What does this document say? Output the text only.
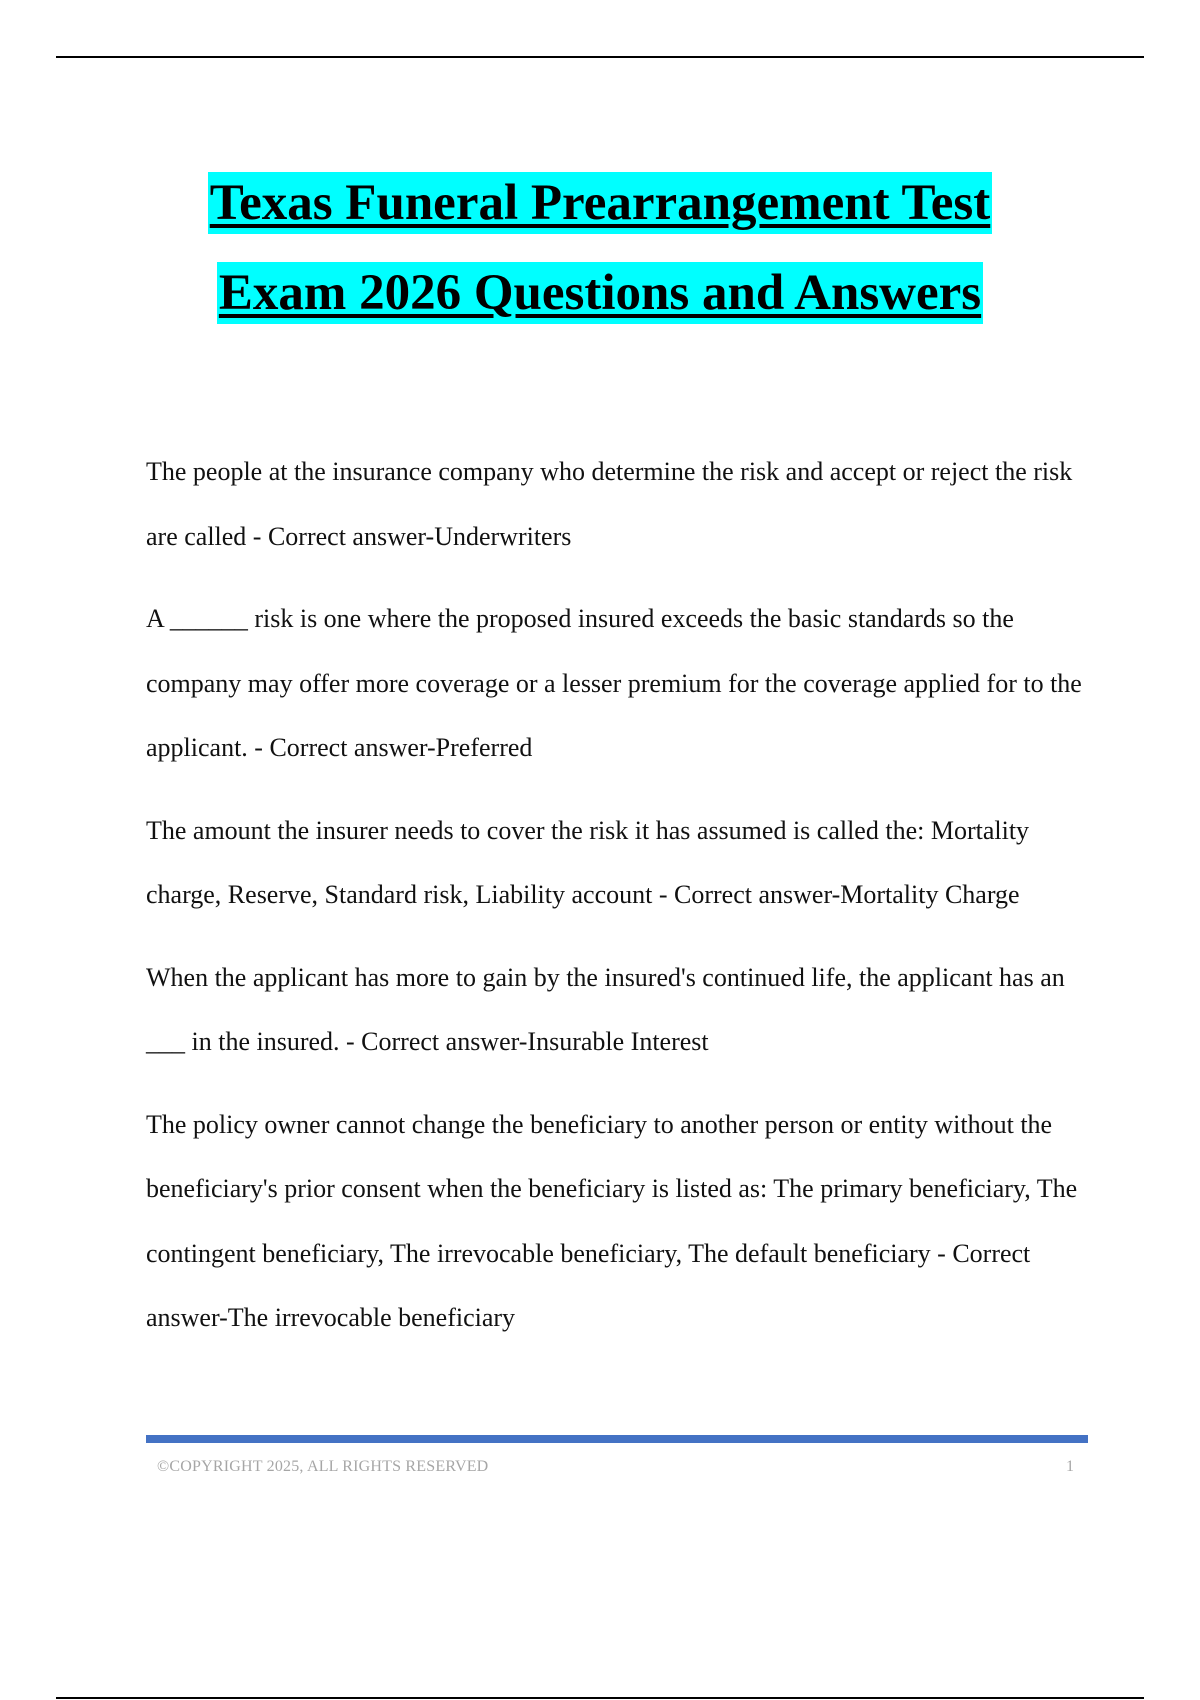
Texas Funeral Prearrangement Test
Exam 2026 Questions and Answers

The people at the insurance company who determine the risk and accept or reject the risk are called - Correct answer-Underwriters

A ______ risk is one where the proposed insured exceeds the basic standards so the company may offer more coverage or a lesser premium for the coverage applied for to the applicant. - Correct answer-Preferred

The amount the insurer needs to cover the risk it has assumed is called the: Mortality charge, Reserve, Standard risk, Liability account - Correct answer-Mortality Charge

When the applicant has more to gain by the insured's continued life, the applicant has an ___ in the insured. - Correct answer-Insurable Interest

The policy owner cannot change the beneficiary to another person or entity without the beneficiary's prior consent when the beneficiary is listed as: The primary beneficiary, The contingent beneficiary, The irrevocable beneficiary, The default beneficiary - Correct answer-The irrevocable beneficiary

©COPYRIGHT 2025, ALL RIGHTS RESERVED	1
